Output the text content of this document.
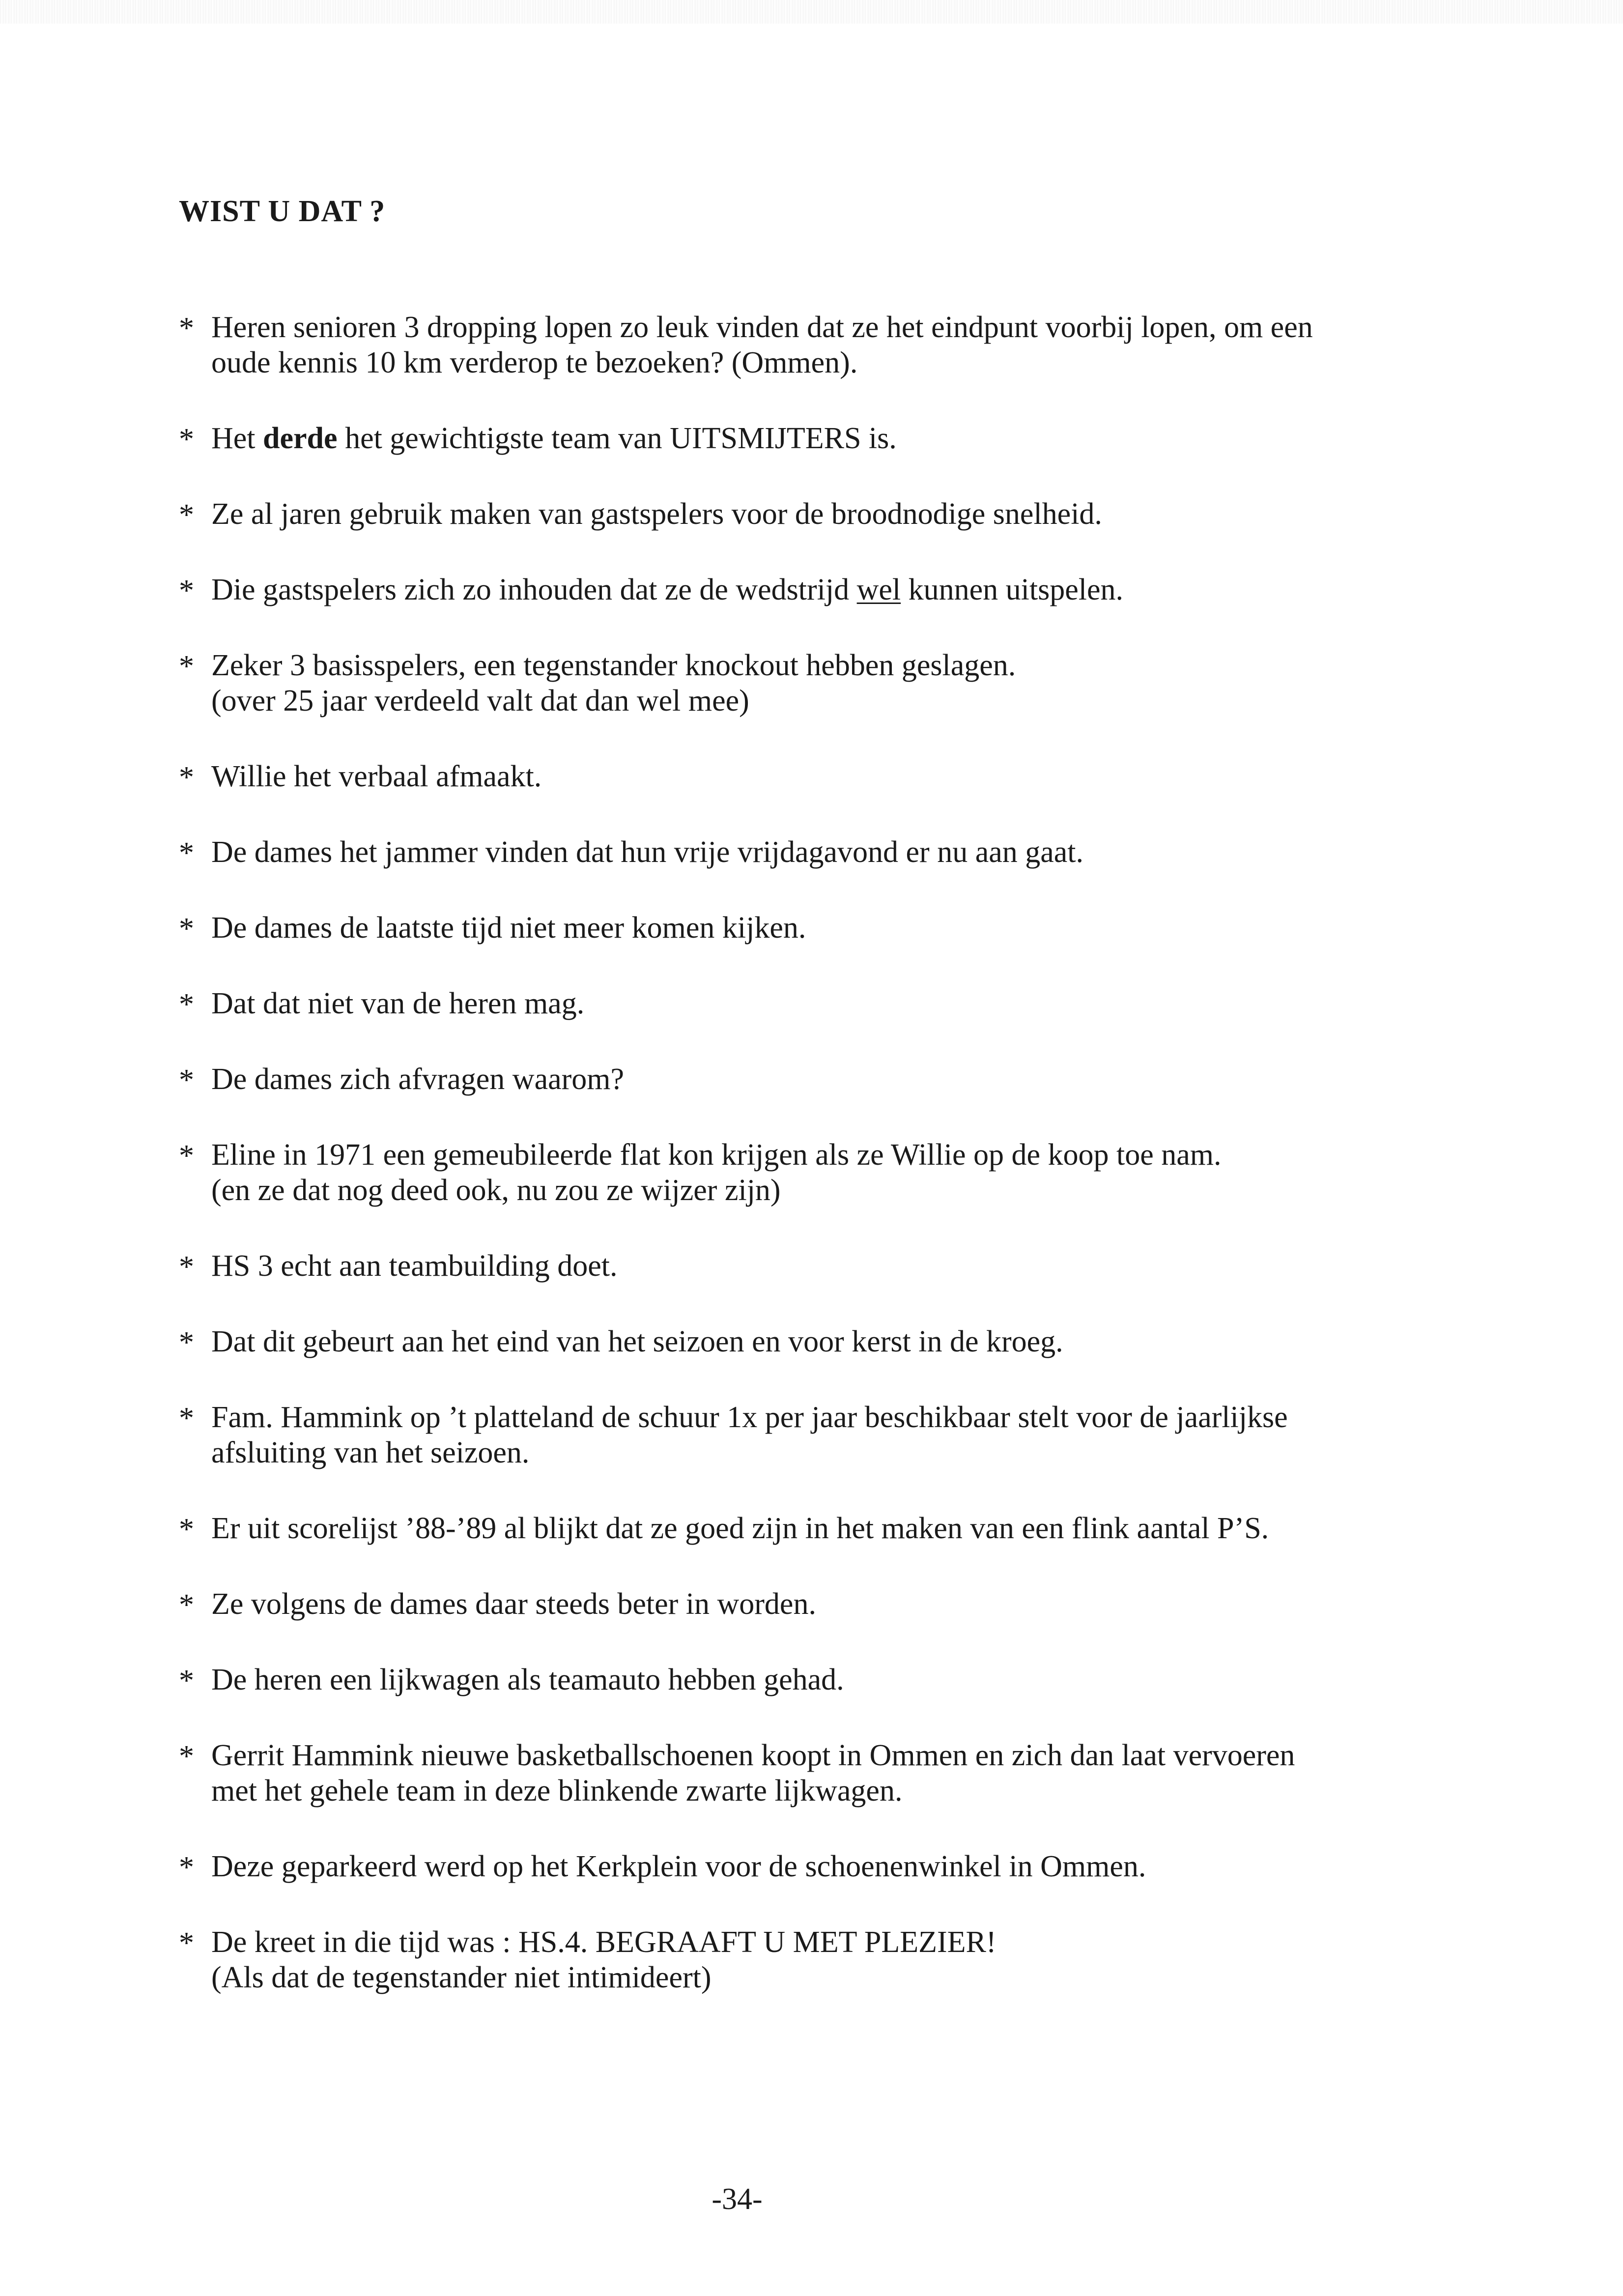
WIST U DAT ?
* Heren senioren 3 dropping lopen zo leuk vinden dat ze het eindpunt voorbij lopen, om een
oude kennis 10 km verderop te bezoeken? (Ommen).
* Het derde het gewichtigste team van UITSMIJTERS is.
* Ze al jaren gebruik maken van gastspelers voor de broodnodige snelheid.
* Die gastspelers zich zo inhouden dat ze de wedstrijd wel kunnen uitspelen.
* Zeker 3 basisspelers, een tegenstander knockout hebben geslagen.
(over 25 jaar verdeeld valt dat dan wel mee)
* Willie het verbaal afmaakt.
* De dames het jammer vinden dat hun vrije vrijdagavond er nu aan gaat.
* De dames de laatste tijd niet meer komen kijken.
* Dat dat niet van de heren mag.
* De dames zich afvragen waarom?
* Eline in 1971 een gemeubileerde flat kon krijgen als ze Willie op de koop toe nam.
(en ze dat nog deed ook, nu zou ze wijzer zijn)
* HS 3 echt aan teambuilding doet.
* Dat dit gebeurt aan het eind van het seizoen en voor kerst in de kroeg.
* Fam. Hammink op ’t platteland de schuur 1x per jaar beschikbaar stelt voor de jaarlijkse
afsluiting van het seizoen.
* Er uit scorelijst ’88-’89 al blijkt dat ze goed zijn in het maken van een flink aantal P’S.
* Ze volgens de dames daar steeds beter in worden.
* De heren een lijkwagen als teamauto hebben gehad.
* Gerrit Hammink nieuwe basketballschoenen koopt in Ommen en zich dan laat vervoeren
met het gehele team in deze blinkende zwarte lijkwagen.
* Deze geparkeerd werd op het Kerkplein voor de schoenenwinkel in Ommen.
* De kreet in die tijd was : HS.4. BEGRAAFT U MET PLEZIER!
(Als dat de tegenstander niet intimideert)
-34-
